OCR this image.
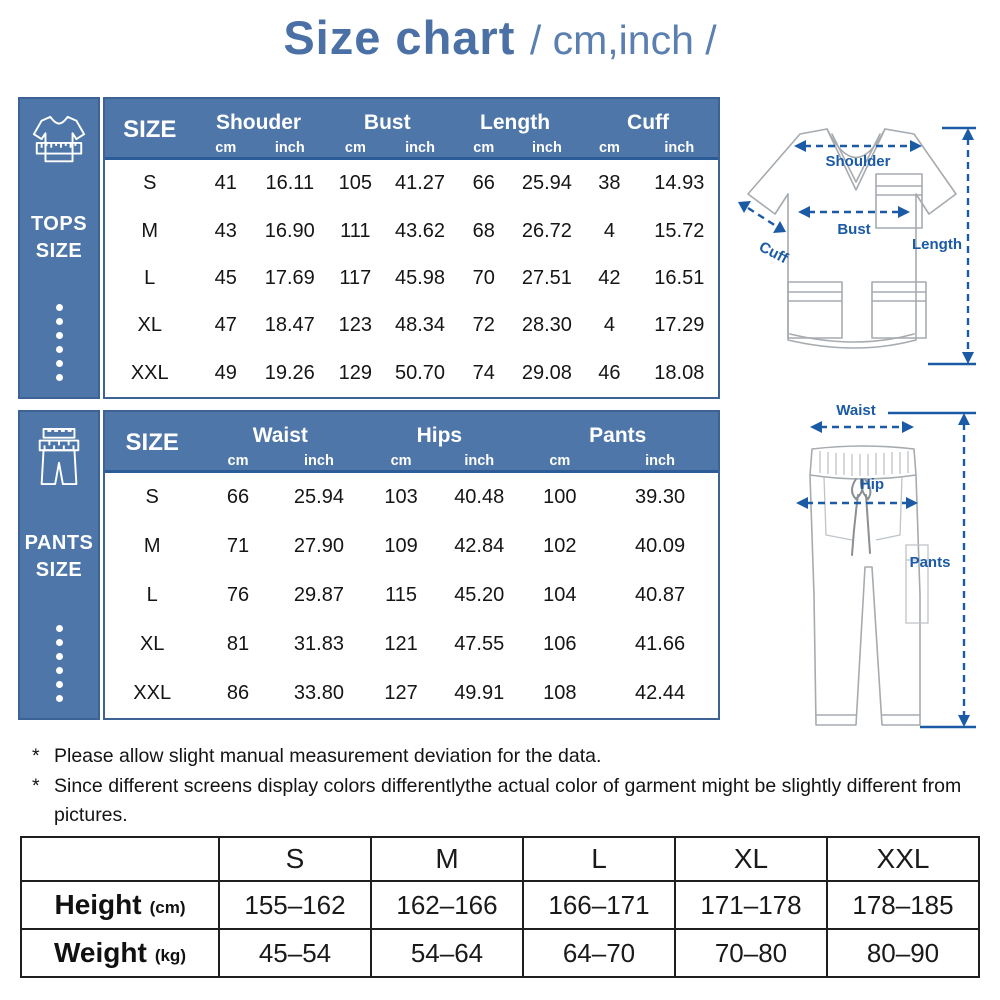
Size chart / cm,inch /
TOPS
SIZE
SIZE	Shouder	Bust	Length	Cuff
cm	inch	cm	inch	cm	inch	cm	inch
S	41	16.11	105	41.27	66	25.94	38	14.93
M	43	16.90	111	43.62	68	26.72	4	15.72
L	45	17.69	117	45.98	70	27.51	42	16.51
XL	47	18.47	123	48.34	72	28.30	4	17.29
XXL	49	19.26	129	50.70	74	29.08	46	18.08
Shoulder
Bust
Cuff	Length
PANTS
SIZE
SIZE	Waist	Hips	Pants
cm	inch	cm	inch	cm	inch
S	66	25.94	103	40.48	100	39.30
M	71	27.90	109	42.84	102	40.09
L	76	29.87	115	45.20	104	40.87
XL	81	31.83	121	47.55	106	41.66
XXL	86	33.80	127	49.91	108	42.44
Waist
Hip
Pants
* Please allow slight manual measurement deviation for the data.
* Since different screens display colors differentlythe actual color of garment might be slightly different from pictures.
S	M	L	XL	XXL
Height (cm)	155–162	162–166	166–171	171–178	178–185
Weight (kg)	45–54	54–64	64–70	70–80	80–90
